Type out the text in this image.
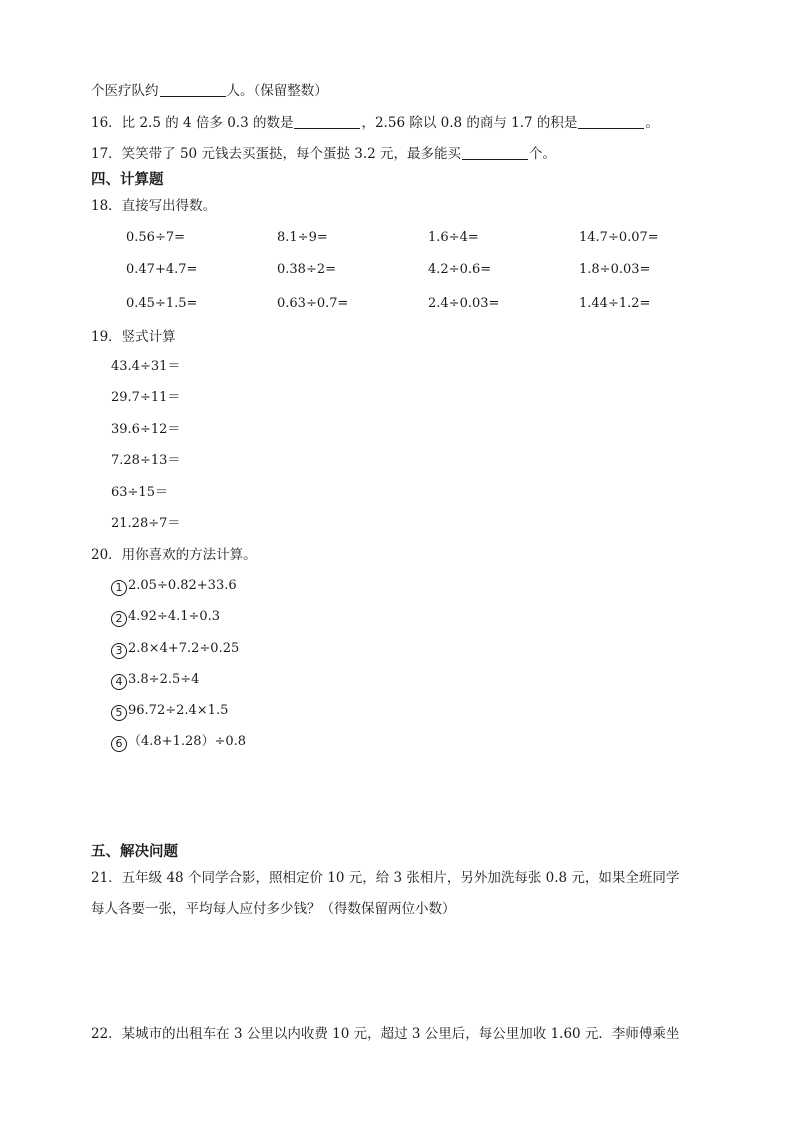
个医疗队约	人。（保留整数）
16．比 2.5 的 4 倍多 0.3 的数是	，2.56 除以 0.8 的商与 1.7 的积是	。
17．笑笑带了 50 元钱去买蛋挞，每个蛋挞 3.2 元，最多能买	个。
四、计算题
18．直接写出得数。
0.56÷7=	8.1÷9=	1.6÷4=	14.7÷0.07=
0.47+4.7=	0.38÷2=	4.2÷0.6=	1.8÷0.03=
0.45÷1.5=	0.63÷0.7=	2.4÷0.03=	1.44÷1.2=
19．竖式计算
43.4÷31＝
29.7÷11＝
39.6÷12＝
7.28÷13＝
63÷15＝
21.28÷7＝
20．用你喜欢的方法计算。
1 2.05÷0.82+33.6
2 4.92÷4.1÷0.3
3 2.8×4+7.2÷0.25
4 3.8÷2.5÷4
5 96.72÷2.4×1.5
6 （4.8+1.28）÷0.8
五、解决问题
21．五年级 48 个同学合影，照相定价 10 元，给 3 张相片，另外加洗每张 0.8 元，如果全班同学
每人各要一张，平均每人应付多少钱？（得数保留两位小数）
22．某城市的出租车在 3 公里以内收费 10 元，超过 3 公里后，每公里加收 1.60 元．李师傅乘坐
